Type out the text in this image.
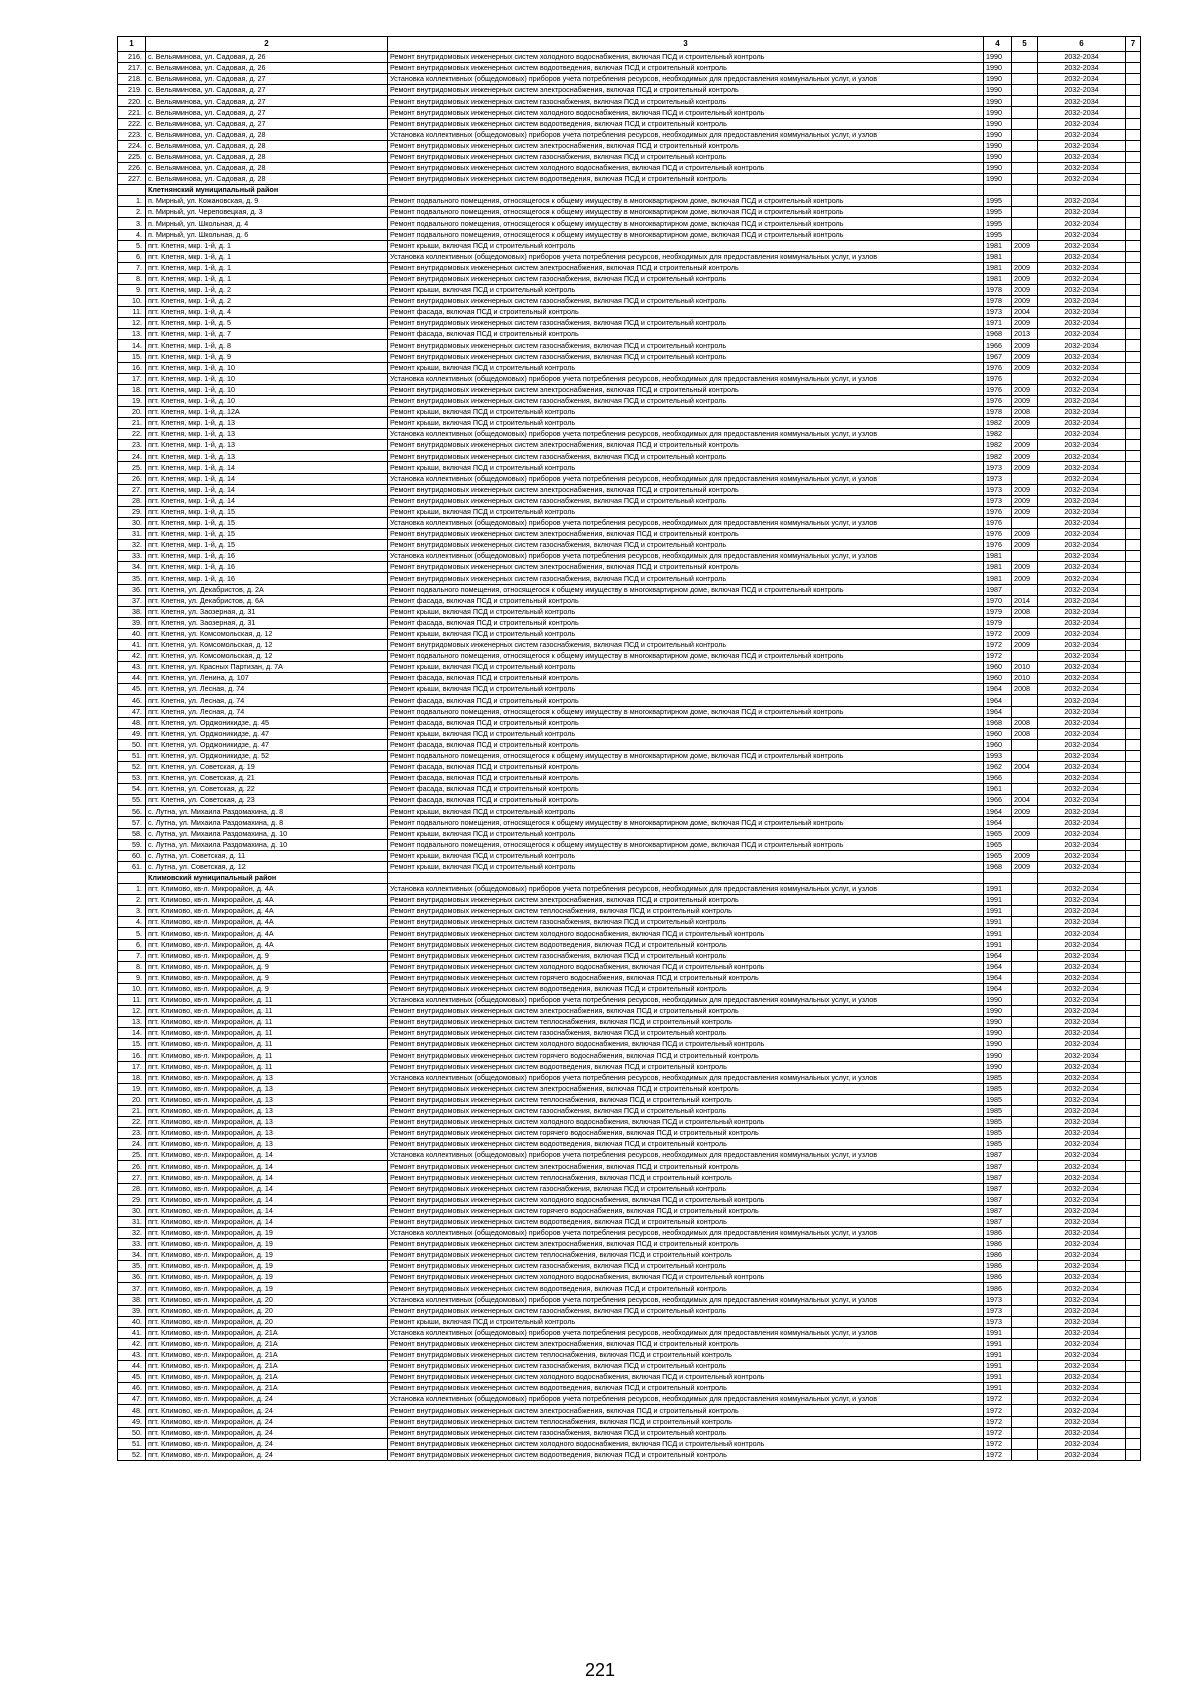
1	2	3	4	5	6	7
216.	с. Вельяминова, ул. Садовая, д. 26	Ремонт внутридомовых инженерных систем холодного водоснабжения, включая ПСД и строительный контроль	1990		2032-2034	
217.	с. Вельяминова, ул. Садовая, д. 26	Ремонт внутридомовых инженерных систем водоотведения, включая ПСД и строительный контроль	1990		2032-2034	
218.	с. Вельяминова, ул. Садовая, д. 27	Установка коллективных (общедомовых) приборов учета потребления ресурсов, необходимых для предоставления коммунальных услуг, и узлов	1990		2032-2034	
219.	с. Вельяминова, ул. Садовая, д. 27	Ремонт внутридомовых инженерных систем электроснабжения, включая ПСД и строительный контроль	1990		2032-2034	
220.	с. Вельяминова, ул. Садовая, д. 27	Ремонт внутридомовых инженерных систем газоснабжения, включая ПСД и строительный контроль	1990		2032-2034	
221.	с. Вельяминова, ул. Садовая, д. 27	Ремонт внутридомовых инженерных систем холодного водоснабжения, включая ПСД и строительный контроль	1990		2032-2034	
222.	с. Вельяминова, ул. Садовая, д. 27	Ремонт внутридомовых инженерных систем водоотведения, включая ПСД и строительный контроль	1990		2032-2034	
223.	с. Вельяминова, ул. Садовая, д. 28	Установка коллективных (общедомовых) приборов учета потребления ресурсов, необходимых для предоставления коммунальных услуг, и узлов	1990		2032-2034	
224.	с. Вельяминова, ул. Садовая, д. 28	Ремонт внутридомовых инженерных систем электроснабжения, включая ПСД и строительный контроль	1990		2032-2034	
225.	с. Вельяминова, ул. Садовая, д. 28	Ремонт внутридомовых инженерных систем газоснабжения, включая ПСД и строительный контроль	1990		2032-2034	
226.	с. Вельяминова, ул. Садовая, д. 28	Ремонт внутридомовых инженерных систем холодного водоснабжения, включая ПСД и строительный контроль	1990		2032-2034	
227.	с. Вельяминова, ул. Садовая, д. 28	Ремонт внутридомовых инженерных систем водоотведения, включая ПСД и строительный контроль	1990		2032-2034	
	Клетнянский муниципальный район					
1.	п. Мирный, ул. Кожановская, д. 9	Ремонт подвального помещения, относящегося к общему имуществу в многоквартирном доме, включая ПСД и строительный контроль	1995		2032-2034	
2.	п. Мирный, ул. Череповецкая, д. 3	Ремонт подвального помещения, относящегося к общему имуществу в многоквартирном доме, включая ПСД и строительный контроль	1995		2032-2034	
3.	п. Мирный, ул. Школьная, д. 4	Ремонт подвального помещения, относящегося к общему имуществу в многоквартирном доме, включая ПСД и строительный контроль	1995		2032-2034	
4.	п. Мирный, ул. Школьная, д. 6	Ремонт подвального помещения, относящегося к общему имуществу в многоквартирном доме, включая ПСД и строительный контроль	1995		2032-2034	
5.	пгт. Клетня, мкр. 1-й, д. 1	Ремонт крыши, включая ПСД и строительный контроль	1981	2009	2032-2034	
6.	пгт. Клетня, мкр. 1-й, д. 1	Установка коллективных (общедомовых) приборов учета потребления ресурсов, необходимых для предоставления коммунальных услуг, и узлов	1981		2032-2034	
7.	пгт. Клетня, мкр. 1-й, д. 1	Ремонт внутридомовых инженерных систем электроснабжения, включая ПСД и строительный контроль	1981	2009	2032-2034	
8.	пгт. Клетня, мкр. 1-й, д. 1	Ремонт внутридомовых инженерных систем газоснабжения, включая ПСД и строительный контроль	1981	2009	2032-2034	
9.	пгт. Клетня, мкр. 1-й, д. 2	Ремонт крыши, включая ПСД и строительный контроль	1978	2009	2032-2034	
10.	пгт. Клетня, мкр. 1-й, д. 2	Ремонт внутридомовых инженерных систем газоснабжения, включая ПСД и строительный контроль	1978	2009	2032-2034	
11.	пгт. Клетня, мкр. 1-й, д. 4	Ремонт фасада, включая ПСД и строительный контроль	1973	2004	2032-2034	
12.	пгт. Клетня, мкр. 1-й, д. 5	Ремонт внутридомовых инженерных систем газоснабжения, включая ПСД и строительный контроль	1971	2009	2032-2034	
13.	пгт. Клетня, мкр. 1-й, д. 7	Ремонт фасада, включая ПСД и строительный контроль	1968	2013	2032-2034	
14.	пгт. Клетня, мкр. 1-й, д. 8	Ремонт внутридомовых инженерных систем газоснабжения, включая ПСД и строительный контроль	1966	2009	2032-2034	
15.	пгт. Клетня, мкр. 1-й, д. 9	Ремонт внутридомовых инженерных систем газоснабжения, включая ПСД и строительный контроль	1967	2009	2032-2034	
16.	пгт. Клетня, мкр. 1-й, д. 10	Ремонт крыши, включая ПСД и строительный контроль	1976	2009	2032-2034	
17.	пгт. Клетня, мкр. 1-й, д. 10	Установка коллективных (общедомовых) приборов учета потребления ресурсов, необходимых для предоставления коммунальных услуг, и узлов	1976		2032-2034	
18.	пгт. Клетня, мкр. 1-й, д. 10	Ремонт внутридомовых инженерных систем электроснабжения, включая ПСД и строительный контроль	1976	2009	2032-2034	
19.	пгт. Клетня, мкр. 1-й, д. 10	Ремонт внутридомовых инженерных систем газоснабжения, включая ПСД и строительный контроль	1976	2009	2032-2034	
20.	пгт. Клетня, мкр. 1-й, д. 12А	Ремонт крыши, включая ПСД и строительный контроль	1978	2008	2032-2034	
21.	пгт. Клетня, мкр. 1-й, д. 13	Ремонт крыши, включая ПСД и строительный контроль	1982	2009	2032-2034	
22.	пгт. Клетня, мкр. 1-й, д. 13	Установка коллективных (общедомовых) приборов учета потребления ресурсов, необходимых для предоставления коммунальных услуг, и узлов	1982		2032-2034	
23.	пгт. Клетня, мкр. 1-й, д. 13	Ремонт внутридомовых инженерных систем электроснабжения, включая ПСД и строительный контроль	1982	2009	2032-2034	
24.	пгт. Клетня, мкр. 1-й, д. 13	Ремонт внутридомовых инженерных систем газоснабжения, включая ПСД и строительный контроль	1982	2009	2032-2034	
25.	пгт. Клетня, мкр. 1-й, д. 14	Ремонт крыши, включая ПСД и строительный контроль	1973	2009	2032-2034	
26.	пгт. Клетня, мкр. 1-й, д. 14	Установка коллективных (общедомовых) приборов учета потребления ресурсов, необходимых для предоставления коммунальных услуг, и узлов	1973		2032-2034	
27.	пгт. Клетня, мкр. 1-й, д. 14	Ремонт внутридомовых инженерных систем электроснабжения, включая ПСД и строительный контроль	1973	2009	2032-2034	
28.	пгт. Клетня, мкр. 1-й, д. 14	Ремонт внутридомовых инженерных систем газоснабжения, включая ПСД и строительный контроль	1973	2009	2032-2034	
29.	пгт. Клетня, мкр. 1-й, д. 15	Ремонт крыши, включая ПСД и строительный контроль	1976	2009	2032-2034	
30.	пгт. Клетня, мкр. 1-й, д. 15	Установка коллективных (общедомовых) приборов учета потребления ресурсов, необходимых для предоставления коммунальных услуг, и узлов	1976		2032-2034	
31.	пгт. Клетня, мкр. 1-й, д. 15	Ремонт внутридомовых инженерных систем электроснабжения, включая ПСД и строительный контроль	1976	2009	2032-2034	
32.	пгт. Клетня, мкр. 1-й, д. 15	Ремонт внутридомовых инженерных систем газоснабжения, включая ПСД и строительный контроль	1976	2009	2032-2034	
33.	пгт. Клетня, мкр. 1-й, д. 16	Установка коллективных (общедомовых) приборов учета потребления ресурсов, необходимых для предоставления коммунальных услуг, и узлов	1981		2032-2034	
34.	пгт. Клетня, мкр. 1-й, д. 16	Ремонт внутридомовых инженерных систем электроснабжения, включая ПСД и строительный контроль	1981	2009	2032-2034	
35.	пгт. Клетня, мкр. 1-й, д. 16	Ремонт внутридомовых инженерных систем газоснабжения, включая ПСД и строительный контроль	1981	2009	2032-2034	
36.	пгт. Клетня, ул. Декабристов, д. 2А	Ремонт подвального помещения, относящегося к общему имуществу в многоквартирном доме, включая ПСД и строительный контроль	1987		2032-2034	
37.	пгт. Клетня, ул. Декабристов, д. 6А	Ремонт фасада, включая ПСД и строительный контроль	1970	2014	2032-2034	
38.	пгт. Клетня, ул. Заозерная, д. 31	Ремонт крыши, включая ПСД и строительный контроль	1979	2008	2032-2034	
39.	пгт. Клетня, ул. Заозерная, д. 31	Ремонт фасада, включая ПСД и строительный контроль	1979		2032-2034	
40.	пгт. Клетня, ул. Комсомольская, д. 12	Ремонт крыши, включая ПСД и строительный контроль	1972	2009	2032-2034	
41.	пгт. Клетня, ул. Комсомольская, д. 12	Ремонт внутридомовых инженерных систем газоснабжения, включая ПСД и строительный контроль	1972	2009	2032-2034	
42.	пгт. Клетня, ул. Комсомольская, д. 12	Ремонт подвального помещения, относящегося к общему имуществу в многоквартирном доме, включая ПСД и строительный контроль	1972		2032-2034	
43.	пгт. Клетня, ул. Красных Партизан, д. 7А	Ремонт крыши, включая ПСД и строительный контроль	1960	2010	2032-2034	
44.	пгт. Клетня, ул. Ленина, д. 107	Ремонт фасада, включая ПСД и строительный контроль	1960	2010	2032-2034	
45.	пгт. Клетня, ул. Лесная, д. 74	Ремонт крыши, включая ПСД и строительный контроль	1964	2008	2032-2034	
46.	пгт. Клетня, ул. Лесная, д. 74	Ремонт фасада, включая ПСД и строительный контроль	1964		2032-2034	
47.	пгт. Клетня, ул. Лесная, д. 74	Ремонт подвального помещения, относящегося к общему имуществу в многоквартирном доме, включая ПСД и строительный контроль	1964		2032-2034	
48.	пгт. Клетня, ул. Орджоникидзе, д. 45	Ремонт фасада, включая ПСД и строительный контроль	1968	2008	2032-2034	
49.	пгт. Клетня, ул. Орджоникидзе, д. 47	Ремонт крыши, включая ПСД и строительный контроль	1960	2008	2032-2034	
50.	пгт. Клетня, ул. Орджоникидзе, д. 47	Ремонт фасада, включая ПСД и строительный контроль	1960		2032-2034	
51.	пгт. Клетня, ул. Орджоникидзе, д. 52	Ремонт подвального помещения, относящегося к общему имуществу в многоквартирном доме, включая ПСД и строительный контроль	1993		2032-2034	
52.	пгт. Клетня, ул. Советская, д. 19	Ремонт фасада, включая ПСД и строительный контроль	1962	2004	2032-2034	
53.	пгт. Клетня, ул. Советская, д. 21	Ремонт фасада, включая ПСД и строительный контроль	1966		2032-2034	
54.	пгт. Клетня, ул. Советская, д. 22	Ремонт фасада, включая ПСД и строительный контроль	1961		2032-2034	
55.	пгт. Клетня, ул. Советская, д. 23	Ремонт фасада, включая ПСД и строительный контроль	1966	2004	2032-2034	
56.	с. Лутна, ул. Михаила Раздомахина, д. 8	Ремонт крыши, включая ПСД и строительный контроль	1964	2009	2032-2034	
57.	с. Лутна, ул. Михаила Раздомахина, д. 8	Ремонт подвального помещения, относящегося к общему имуществу в многоквартирном доме, включая ПСД и строительный контроль	1964		2032-2034	
58.	с. Лутна, ул. Михаила Раздомахина, д. 10	Ремонт крыши, включая ПСД и строительный контроль	1965	2009	2032-2034	
59.	с. Лутна, ул. Михаила Раздомахина, д. 10	Ремонт подвального помещения, относящегося к общему имуществу в многоквартирном доме, включая ПСД и строительный контроль	1965		2032-2034	
60.	с. Лутна, ул. Советская, д. 11	Ремонт крыши, включая ПСД и строительный контроль	1965	2009	2032-2034	
61.	с. Лутна, ул. Советская, д. 12	Ремонт крыши, включая ПСД и строительный контроль	1968	2009	2032-2034	
	Климовский муниципальный район					
1.	пгт. Климово, кв-л. Микрорайон, д. 4А	Установка коллективных (общедомовых) приборов учета потребления ресурсов, необходимых для предоставления коммунальных услуг, и узлов	1991		2032-2034	
2.	пгт. Климово, кв-л. Микрорайон, д. 4А	Ремонт внутридомовых инженерных систем электроснабжения, включая ПСД и строительный контроль	1991		2032-2034	
3.	пгт. Климово, кв-л. Микрорайон, д. 4А	Ремонт внутридомовых инженерных систем теплоснабжения, включая ПСД и строительный контроль	1991		2032-2034	
4.	пгт. Климово, кв-л. Микрорайон, д. 4А	Ремонт внутридомовых инженерных систем газоснабжения, включая ПСД и строительный контроль	1991		2032-2034	
5.	пгт. Климово, кв-л. Микрорайон, д. 4А	Ремонт внутридомовых инженерных систем холодного водоснабжения, включая ПСД и строительный контроль	1991		2032-2034	
6.	пгт. Климово, кв-л. Микрорайон, д. 4А	Ремонт внутридомовых инженерных систем водоотведения, включая ПСД и строительный контроль	1991		2032-2034	
7.	пгт. Климово, кв-л. Микрорайон, д. 9	Ремонт внутридомовых инженерных систем газоснабжения, включая ПСД и строительный контроль	1964		2032-2034	
8.	пгт. Климово, кв-л. Микрорайон, д. 9	Ремонт внутридомовых инженерных систем холодного водоснабжения, включая ПСД и строительный контроль	1964		2032-2034	
9.	пгт. Климово, кв-л. Микрорайон, д. 9	Ремонт внутридомовых инженерных систем горячего водоснабжения, включая ПСД и строительный контроль	1964		2032-2034	
10.	пгт. Климово, кв-л. Микрорайон, д. 9	Ремонт внутридомовых инженерных систем водоотведения, включая ПСД и строительный контроль	1964		2032-2034	
11.	пгт. Климово, кв-л. Микрорайон, д. 11	Установка коллективных (общедомовых) приборов учета потребления ресурсов, необходимых для предоставления коммунальных услуг, и узлов	1990		2032-2034	
12.	пгт. Климово, кв-л. Микрорайон, д. 11	Ремонт внутридомовых инженерных систем электроснабжения, включая ПСД и строительный контроль	1990		2032-2034	
13.	пгт. Климово, кв-л. Микрорайон, д. 11	Ремонт внутридомовых инженерных систем теплоснабжения, включая ПСД и строительный контроль	1990		2032-2034	
14.	пгт. Климово, кв-л. Микрорайон, д. 11	Ремонт внутридомовых инженерных систем газоснабжения, включая ПСД и строительный контроль	1990		2032-2034	
15.	пгт. Климово, кв-л. Микрорайон, д. 11	Ремонт внутридомовых инженерных систем холодного водоснабжения, включая ПСД и строительный контроль	1990		2032-2034	
16.	пгт. Климово, кв-л. Микрорайон, д. 11	Ремонт внутридомовых инженерных систем горячего водоснабжения, включая ПСД и строительный контроль	1990		2032-2034	
17.	пгт. Климово, кв-л. Микрорайон, д. 11	Ремонт внутридомовых инженерных систем водоотведения, включая ПСД и строительный контроль	1990		2032-2034	
18.	пгт. Климово, кв-л. Микрорайон, д. 13	Установка коллективных (общедомовых) приборов учета потребления ресурсов, необходимых для предоставления коммунальных услуг, и узлов	1985		2032-2034	
19.	пгт. Климово, кв-л. Микрорайон, д. 13	Ремонт внутридомовых инженерных систем электроснабжения, включая ПСД и строительный контроль	1985		2032-2034	
20.	пгт. Климово, кв-л. Микрорайон, д. 13	Ремонт внутридомовых инженерных систем теплоснабжения, включая ПСД и строительный контроль	1985		2032-2034	
21.	пгт. Климово, кв-л. Микрорайон, д. 13	Ремонт внутридомовых инженерных систем газоснабжения, включая ПСД и строительный контроль	1985		2032-2034	
22.	пгт. Климово, кв-л. Микрорайон, д. 13	Ремонт внутридомовых инженерных систем холодного водоснабжения, включая ПСД и строительный контроль	1985		2032-2034	
23.	пгт. Климово, кв-л. Микрорайон, д. 13	Ремонт внутридомовых инженерных систем горячего водоснабжения, включая ПСД и строительный контроль	1985		2032-2034	
24.	пгт. Климово, кв-л. Микрорайон, д. 13	Ремонт внутридомовых инженерных систем водоотведения, включая ПСД и строительный контроль	1985		2032-2034	
25.	пгт. Климово, кв-л. Микрорайон, д. 14	Установка коллективных (общедомовых) приборов учета потребления ресурсов, необходимых для предоставления коммунальных услуг, и узлов	1987		2032-2034	
26.	пгт. Климово, кв-л. Микрорайон, д. 14	Ремонт внутридомовых инженерных систем электроснабжения, включая ПСД и строительный контроль	1987		2032-2034	
27.	пгт. Климово, кв-л. Микрорайон, д. 14	Ремонт внутридомовых инженерных систем теплоснабжения, включая ПСД и строительный контроль	1987		2032-2034	
28.	пгт. Климово, кв-л. Микрорайон, д. 14	Ремонт внутридомовых инженерных систем газоснабжения, включая ПСД и строительный контроль	1987		2032-2034	
29.	пгт. Климово, кв-л. Микрорайон, д. 14	Ремонт внутридомовых инженерных систем холодного водоснабжения, включая ПСД и строительный контроль	1987		2032-2034	
30.	пгт. Климово, кв-л. Микрорайон, д. 14	Ремонт внутридомовых инженерных систем горячего водоснабжения, включая ПСД и строительный контроль	1987		2032-2034	
31.	пгт. Климово, кв-л. Микрорайон, д. 14	Ремонт внутридомовых инженерных систем водоотведения, включая ПСД и строительный контроль	1987		2032-2034	
32.	пгт. Климово, кв-л. Микрорайон, д. 19	Установка коллективных (общедомовых) приборов учета потребления ресурсов, необходимых для предоставления коммунальных услуг, и узлов	1986		2032-2034	
33.	пгт. Климово, кв-л. Микрорайон, д. 19	Ремонт внутридомовых инженерных систем электроснабжения, включая ПСД и строительный контроль	1986		2032-2034	
34.	пгт. Климово, кв-л. Микрорайон, д. 19	Ремонт внутридомовых инженерных систем теплоснабжения, включая ПСД и строительный контроль	1986		2032-2034	
35.	пгт. Климово, кв-л. Микрорайон, д. 19	Ремонт внутридомовых инженерных систем газоснабжения, включая ПСД и строительный контроль	1986		2032-2034	
36.	пгт. Климово, кв-л. Микрорайон, д. 19	Ремонт внутридомовых инженерных систем холодного водоснабжения, включая ПСД и строительный контроль	1986		2032-2034	
37.	пгт. Климово, кв-л. Микрорайон, д. 19	Ремонт внутридомовых инженерных систем водоотведения, включая ПСД и строительный контроль	1986		2032-2034	
38.	пгт. Климово, кв-л. Микрорайон, д. 20	Установка коллективных (общедомовых) приборов учета потребления ресурсов, необходимых для предоставления коммунальных услуг, и узлов	1973		2032-2034	
39.	пгт. Климово, кв-л. Микрорайон, д. 20	Ремонт внутридомовых инженерных систем газоснабжения, включая ПСД и строительный контроль	1973		2032-2034	
40.	пгт. Климово, кв-л. Микрорайон, д. 20	Ремонт крыши, включая ПСД и строительный контроль	1973		2032-2034	
41.	пгт. Климово, кв-л. Микрорайон, д. 21А	Установка коллективных (общедомовых) приборов учета потребления ресурсов, необходимых для предоставления коммунальных услуг, и узлов	1991		2032-2034	
42.	пгт. Климово, кв-л. Микрорайон, д. 21А	Ремонт внутридомовых инженерных систем электроснабжения, включая ПСД и строительный контроль	1991		2032-2034	
43.	пгт. Климово, кв-л. Микрорайон, д. 21А	Ремонт внутридомовых инженерных систем теплоснабжения, включая ПСД и строительный контроль	1991		2032-2034	
44.	пгт. Климово, кв-л. Микрорайон, д. 21А	Ремонт внутридомовых инженерных систем газоснабжения, включая ПСД и строительный контроль	1991		2032-2034	
45.	пгт. Климово, кв-л. Микрорайон, д. 21А	Ремонт внутридомовых инженерных систем холодного водоснабжения, включая ПСД и строительный контроль	1991		2032-2034	
46.	пгт. Климово, кв-л. Микрорайон, д. 21А	Ремонт внутридомовых инженерных систем водоотведения, включая ПСД и строительный контроль	1991		2032-2034	
47.	пгт. Климово, кв-л. Микрорайон, д. 24	Установка коллективных (общедомовых) приборов учета потребления ресурсов, необходимых для предоставления коммунальных услуг, и узлов	1972		2032-2034	
48.	пгт. Климово, кв-л. Микрорайон, д. 24	Ремонт внутридомовых инженерных систем электроснабжения, включая ПСД и строительный контроль	1972		2032-2034	
49.	пгт. Климово, кв-л. Микрорайон, д. 24	Ремонт внутридомовых инженерных систем теплоснабжения, включая ПСД и строительный контроль	1972		2032-2034	
50.	пгт. Климово, кв-л. Микрорайон, д. 24	Ремонт внутридомовых инженерных систем газоснабжения, включая ПСД и строительный контроль	1972		2032-2034	
51.	пгт. Климово, кв-л. Микрорайон, д. 24	Ремонт внутридомовых инженерных систем холодного водоснабжения, включая ПСД и строительный контроль	1972		2032-2034	
52.	пгт. Климово, кв-л. Микрорайон, д. 24	Ремонт внутридомовых инженерных систем водоотведения, включая ПСД и строительный контроль	1972		2032-2034	
221
